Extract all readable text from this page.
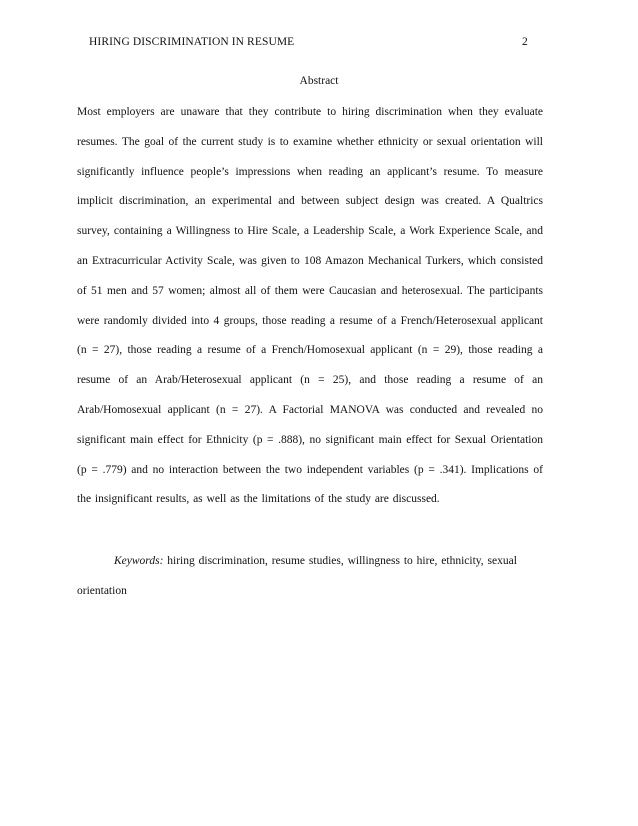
HIRING DISCRIMINATION IN RESUME	2
Abstract

Most employers are unaware that they contribute to hiring discrimination when they evaluate resumes. The goal of the current study is to examine whether ethnicity or sexual orientation will significantly influence people’s impressions when reading an applicant’s resume. To measure implicit discrimination, an experimental and between subject design was created. A Qualtrics survey, containing a Willingness to Hire Scale, a Leadership Scale, a Work Experience Scale, and an Extracurricular Activity Scale, was given to 108 Amazon Mechanical Turkers, which consisted of 51 men and 57 women; almost all of them were Caucasian and heterosexual. The participants were randomly divided into 4 groups, those reading a resume of a French/Heterosexual applicant (n = 27), those reading a resume of a French/Homosexual applicant (n = 29), those reading a resume of an Arab/Heterosexual applicant (n = 25), and those reading a resume of an Arab/Homosexual applicant (n = 27). A Factorial MANOVA was conducted and revealed no significant main effect for Ethnicity (p = .888), no significant main effect for Sexual Orientation (p = .779) and no interaction between the two independent variables (p = .341). Implications of the insignificant results, as well as the limitations of the study are discussed.

Keywords: hiring discrimination, resume studies, willingness to hire, ethnicity, sexual orientation
